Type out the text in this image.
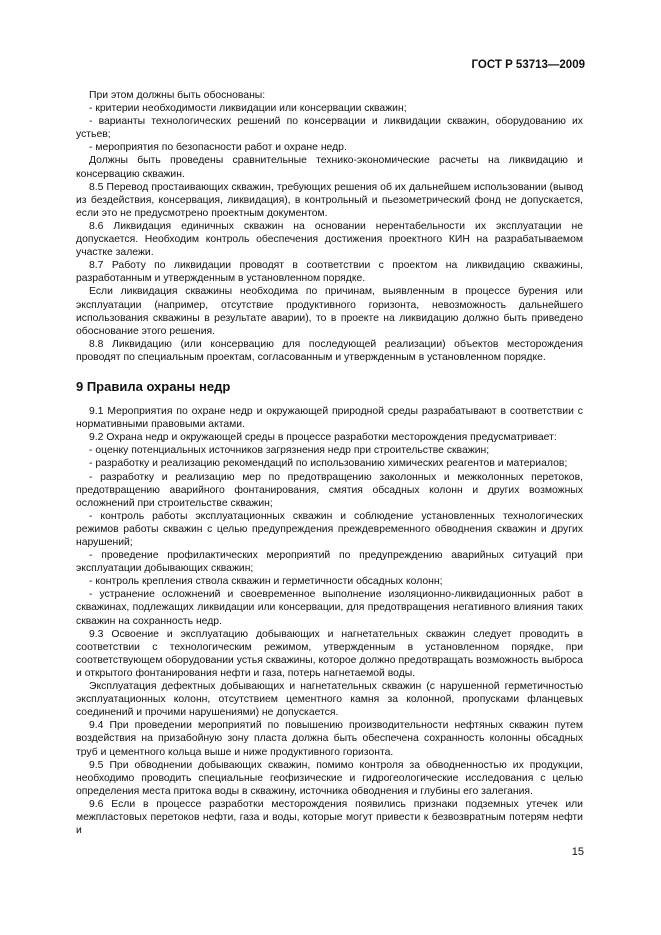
ГОСТ Р 53713—2009

При этом должны быть обоснованы:

- критерии необходимости ликвидации или консервации скважин;

- варианты технологических решений по консервации и ликвидации скважин, оборудованию их устьев;

- мероприятия по безопасности работ и охране недр.

Должны быть проведены сравнительные технико-экономические расчеты на ликвидацию и консервацию скважин.

8.5 Перевод простаивающих скважин, требующих решения об их дальнейшем использовании (вывод из бездействия, консервация, ликвидация), в контрольный и пьезометрический фонд не допускается, если это не предусмотрено проектным документом.

8.6 Ликвидация единичных скважин на основании нерентабельности их эксплуатации не допускается. Необходим контроль обеспечения достижения проектного КИН на разрабатываемом участке залежи.

8.7 Работу по ликвидации проводят в соответствии с проектом на ликвидацию скважины, разработанным и утвержденным в установленном порядке.

Если ликвидация скважины необходима по причинам, выявленным в процессе бурения или эксплуатации (например, отсутствие продуктивного горизонта, невозможность дальнейшего использования скважины в результате аварии), то в проекте на ликвидацию должно быть приведено обоснование этого решения.

8.8 Ликвидацию (или консервацию для последующей реализации) объектов месторождения проводят по специальным проектам, согласованным и утвержденным в установленном порядке.

9 Правила охраны недр

9.1 Мероприятия по охране недр и окружающей природной среды разрабатывают в соответствии с нормативными правовыми актами.

9.2 Охрана недр и окружающей среды в процессе разработки месторождения предусматривает:

- оценку потенциальных источников загрязнения недр при строительстве скважин;

- разработку и реализацию рекомендаций по использованию химических реагентов и материалов;

- разработку и реализацию мер по предотвращению заколонных и межколонных перетоков, предотвращению аварийного фонтанирования, смятия обсадных колонн и других возможных осложнений при строительстве скважин;

- контроль работы эксплуатационных скважин и соблюдение установленных технологических режимов работы скважин с целью предупреждения преждевременного обводнения скважин и других нарушений;

- проведение профилактических мероприятий по предупреждению аварийных ситуаций при эксплуатации добывающих скважин;

- контроль крепления ствола скважин и герметичности обсадных колонн;

- устранение осложнений и своевременное выполнение изоляционно-ликвидационных работ в скважинах, подлежащих ликвидации или консервации, для предотвращения негативного влияния таких скважин на сохранность недр.

9.3 Освоение и эксплуатацию добывающих и нагнетательных скважин следует проводить в соответствии с технологическим режимом, утвержденным в установленном порядке, при соответствующем оборудовании устья скважины, которое должно предотвращать возможность выброса и открытого фонтанирования нефти и газа, потерь нагнетаемой воды.

Эксплуатация дефектных добывающих и нагнетательных скважин (с нарушенной герметичностью эксплуатационных колонн, отсутствием цементного камня за колонной, пропусками фланцевых соединений и прочими нарушениями) не допускается.

9.4 При проведении мероприятий по повышению производительности нефтяных скважин путем воздействия на призабойную зону пласта должна быть обеспечена сохранность колонны обсадных труб и цементного кольца выше и ниже продуктивного горизонта.

9.5 При обводнении добывающих скважин, помимо контроля за обводненностью их продукции, необходимо проводить специальные геофизические и гидрогеологические исследования с целью определения места притока воды в скважину, источника обводнения и глубины его залегания.

9.6 Если в процессе разработки месторождения появились признаки подземных утечек или межпластовых перетоков нефти, газа и воды, которые могут привести к безвозвратным потерям нефти и

15
